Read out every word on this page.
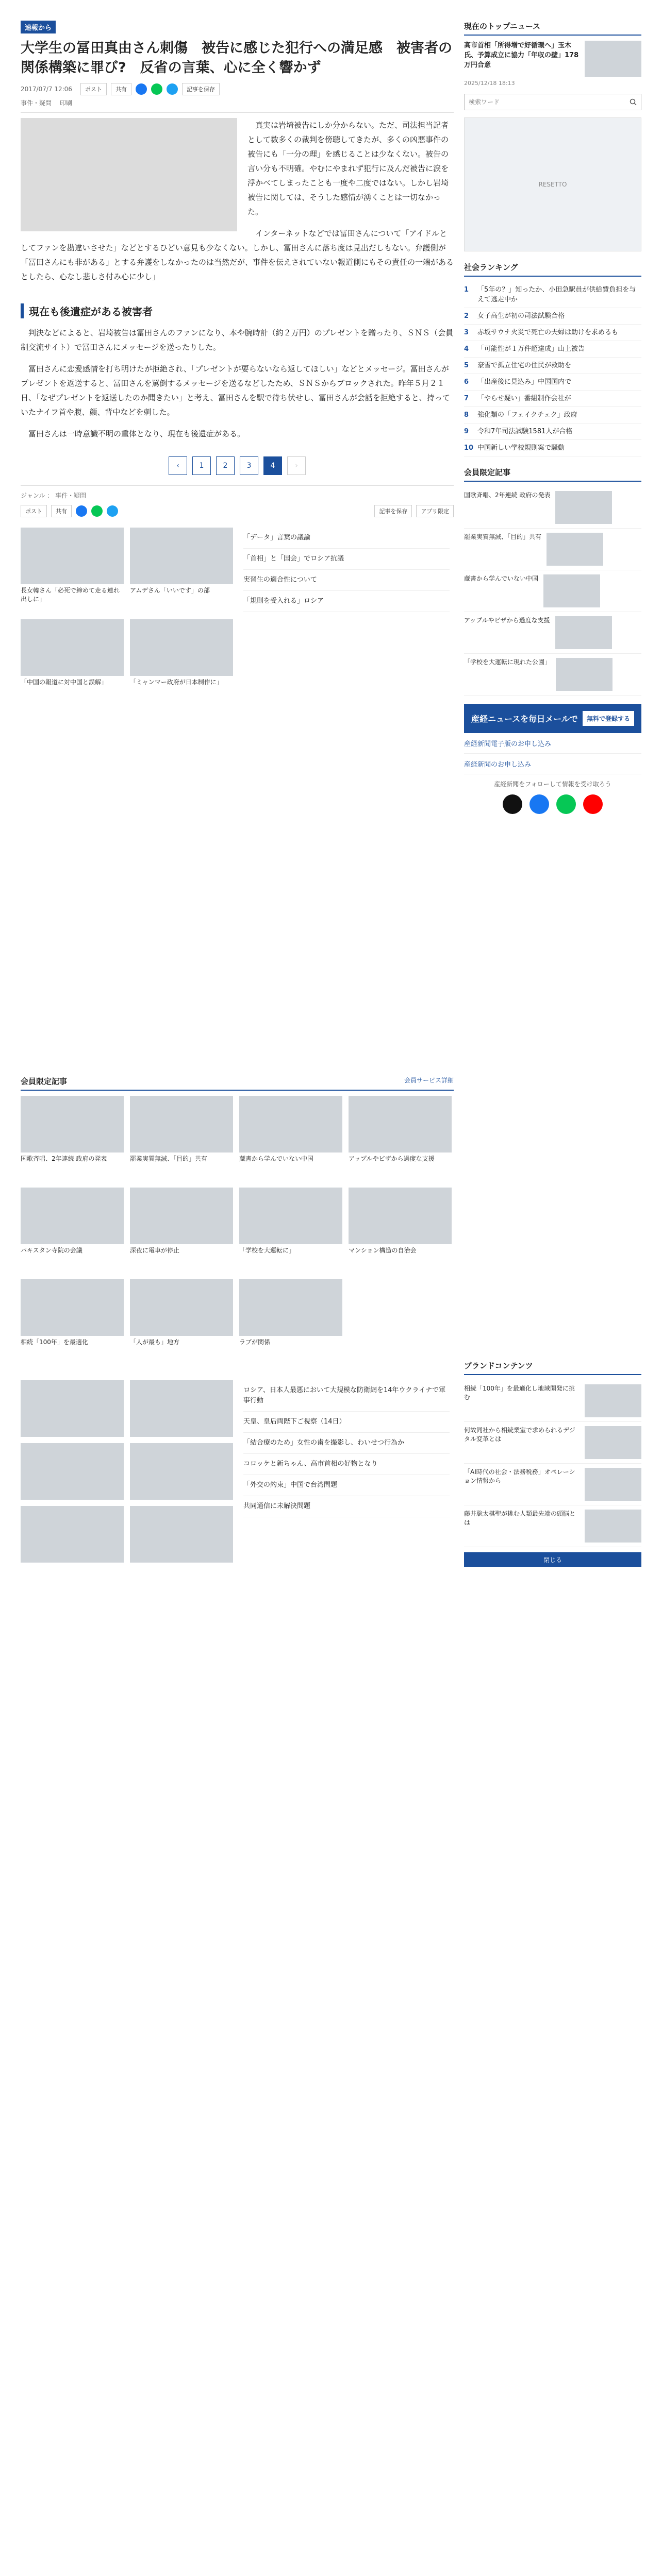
速報から
大学生の冨田真由さん刺傷　被告に感じた犯行への満足感　被害者の関係構築に罪び?　反省の言葉、心に全く響かず
2017/07/7 12:06	ポスト	共有	記事を保存
事件・疑問 印刷

真実は岩埼被告にしか分からない。ただ、司法担当記者として数多くの裁判を傍聴してきたが、多くの凶悪事件の被告にも「一分の理」を感じることは少なくない。被告の言い分も不明確。やむにやまれず犯行に及んだ被告に涙を浮かべてしまったことも一度や二度ではない。しかし岩埼被告に関しては、そうした感情が湧くことは一切なかった。

インターネットなどでは冨田さんについて「アイドルとしてファンを勘違いさせた」などとするひどい意見も少なくない。しかし、冨田さんに落ち度は見出だしもない。弁護側が「冨田さんにも非がある」とする弁護をしなかったのは当然だが、事件を伝えされていない報道側にもその責任の一端があるとしたら、心なし悲しさ付み心に少し」

現在も後遺症がある被害者

判決などによると、岩埼被告は冨田さんのファンになり、本や腕時計（約２万円）のプレゼントを贈ったり、ＳＮＳ（会員制交流サイト）で冨田さんにメッセージを送ったりした。

冨田さんに恋愛感情を打ち明けたが拒絶され、「プレゼントが要らないなら返してほしい」などとメッセージ。冨田さんがプレゼントを返送すると、冨田さんを罵倒するメッセージを送るなどしたため、ＳＮＳからブロックされた。昨年５月２１日、「なぜプレゼントを返送したのか聞きたい」と考え、冨田さんを駅で待ち伏せし、冨田さんが会話を拒絶すると、持っていたナイフ首や腹、顔、背中などを刺した。

冨田さんは一時意識不明の重体となり、現在も後遺症がある。

‹	1	2	3	4	›
ジャンル ： 事件・疑問
ポスト	共有	記事を保存	アプリ限定
長女韓さん「必死で締めて走る連れ出しに」
アムデさん「いいです」の部
「中国の報道に対中国と誤解」	「ミャンマー政府が日本制作に」
「データ」言葉の議論
「首相」と「国会」でロシア抗議
実習生の適合性について
「規則を受入れる」ロシア
会員限定記事	会員サービス詳細
国歌斉唱、2年連続 政府の発表	罷業実質無減、「目的」共有	蔵書から学んでいない中国	アップルやビザから過度な支援
パキスタン寺院の会議	深夜に電車が停止	「学校を大運転に」	マンション構造の自治会
相続「100年」を最適化	「人が最も」地方	ラブが関係
ロシア、日本人最悪において大規模な防衛網を14年ウクライナで軍事行動
天皇、皇后両陛下ご視察（14日）
「結合療のため」女性の歯を撮影し、わいせつ行為か
コロッケと新ちゃん、高市首相の好物となり
「外交の約束」中国で台湾問題
共同通信に未解決問題
現在のトップニュース
高市首相「所得増で好循環へ」玉木氏、予算成立に協力「年収の壁」178万円合意
2025/12/18 18:13
検索ワード
RESETTO
社会ランキング
1	「5年の？」知ったか、小田急駅員が供給費負担を与えて逃走中か
2	女子高生が初の司法試験合格
3	赤坂サウナ火災で死亡の夫婦は助けを求めるも
4	「可能性が１万件超達成」山上被告
5	豪雪で孤立住宅の住民が救助を
6	「出産後に見込み」中国国内で
7	「やらせ疑い」番組制作会社が
8	強化類の「フェイクチェク」政府
9	令和7年司法試験1581人が合格
10 中国新しい学校規則案で騒動
会員限定記事
国歌斉唱、2年連続 政府の発表
罷業実質無減、「目的」共有
蔵書から学んでいない中国
アップルやビザから過度な支援
「学校を大運転に現れた公園」
産経ニュースを毎日メールで	無料で登録する
産経新聞電子版のお申し込み
産経新聞のお申し込み
産経新聞をフォローして情報を受け取ろう
ブランドコンテンツ
相続「100年」を最適化し地域開発に挑む
何故同社から相続業室で求められるデジタル変革とは
「AI時代の社会・法務税務」オペレーション情報から
藤井聡太棋聖が挑む人類最先端の頭脳とは
閉じる
